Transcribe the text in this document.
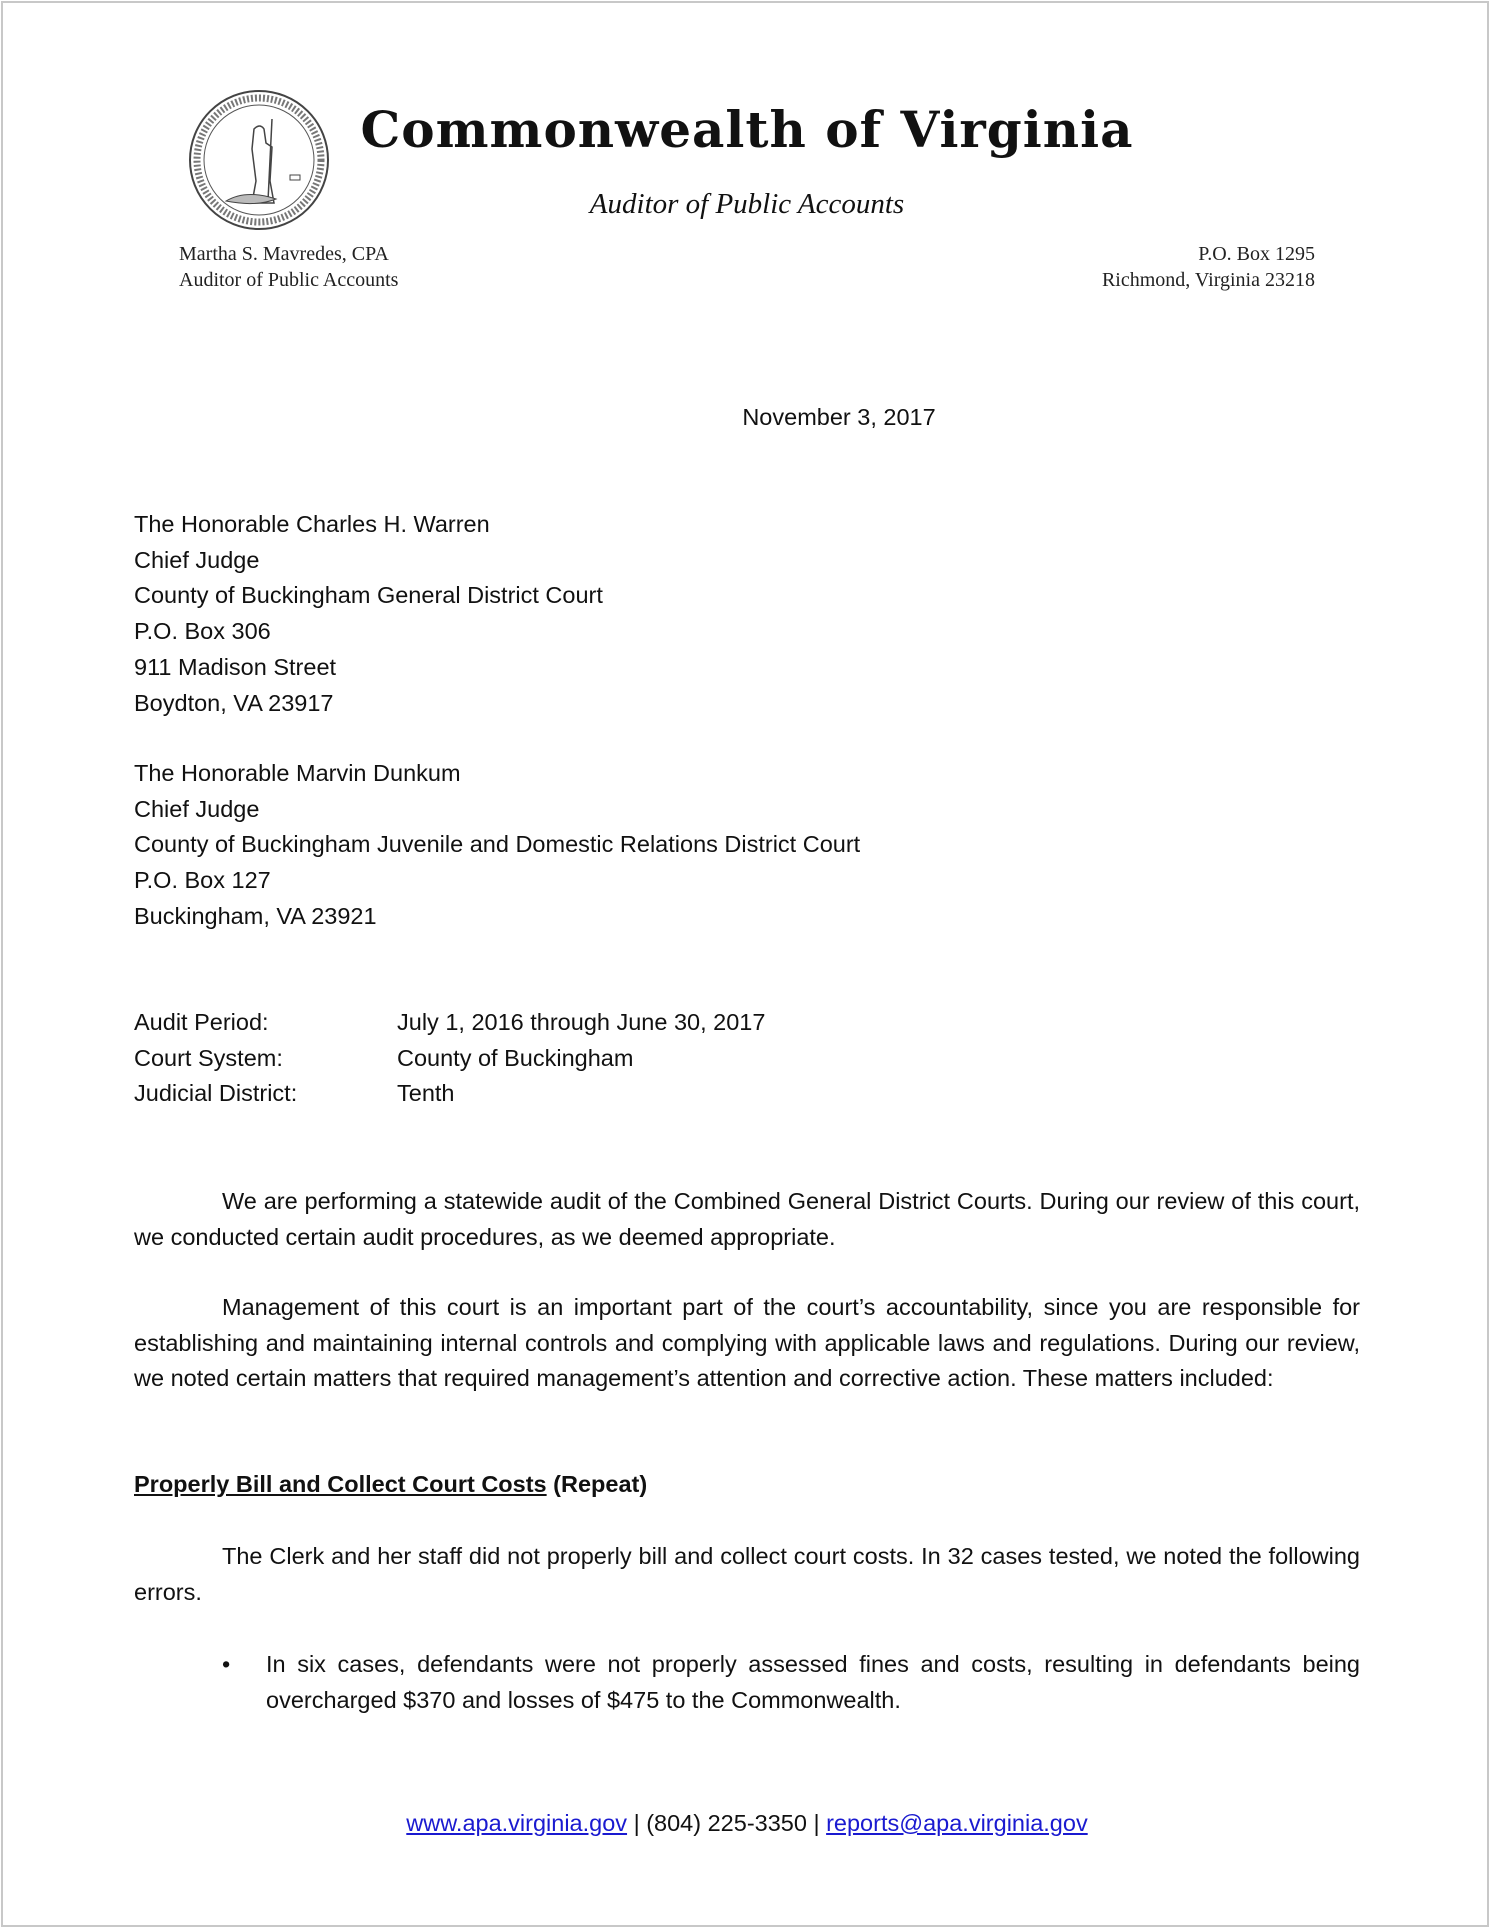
Commonwealth of Virginia
Auditor of Public Accounts
Martha S. Mavredes, CPA
Auditor of Public Accounts
P.O. Box 1295
Richmond, Virginia 23218
November 3, 2017
The Honorable Charles H. Warren
Chief Judge
County of Buckingham General District Court
P.O. Box 306
911 Madison Street
Boydton, VA 23917
The Honorable Marvin Dunkum
Chief Judge
County of Buckingham Juvenile and Domestic Relations District Court
P.O. Box 127
Buckingham, VA 23921
Audit Period:	July 1, 2016 through June 30, 2017
Court System:	County of Buckingham
Judicial District:	Tenth
We are performing a statewide audit of the Combined General District Courts. During our review of this court, we conducted certain audit procedures, as we deemed appropriate.
Management of this court is an important part of the court’s accountability, since you are responsible for establishing and maintaining internal controls and complying with applicable laws and regulations. During our review, we noted certain matters that required management’s attention and corrective action. These matters included:
Properly Bill and Collect Court Costs (Repeat)
The Clerk and her staff did not properly bill and collect court costs. In 32 cases tested, we noted the following errors.
• In six cases, defendants were not properly assessed fines and costs, resulting in defendants being overcharged $370 and losses of $475 to the Commonwealth.
www.apa.virginia.gov | (804) 225-3350 | reports@apa.virginia.gov
